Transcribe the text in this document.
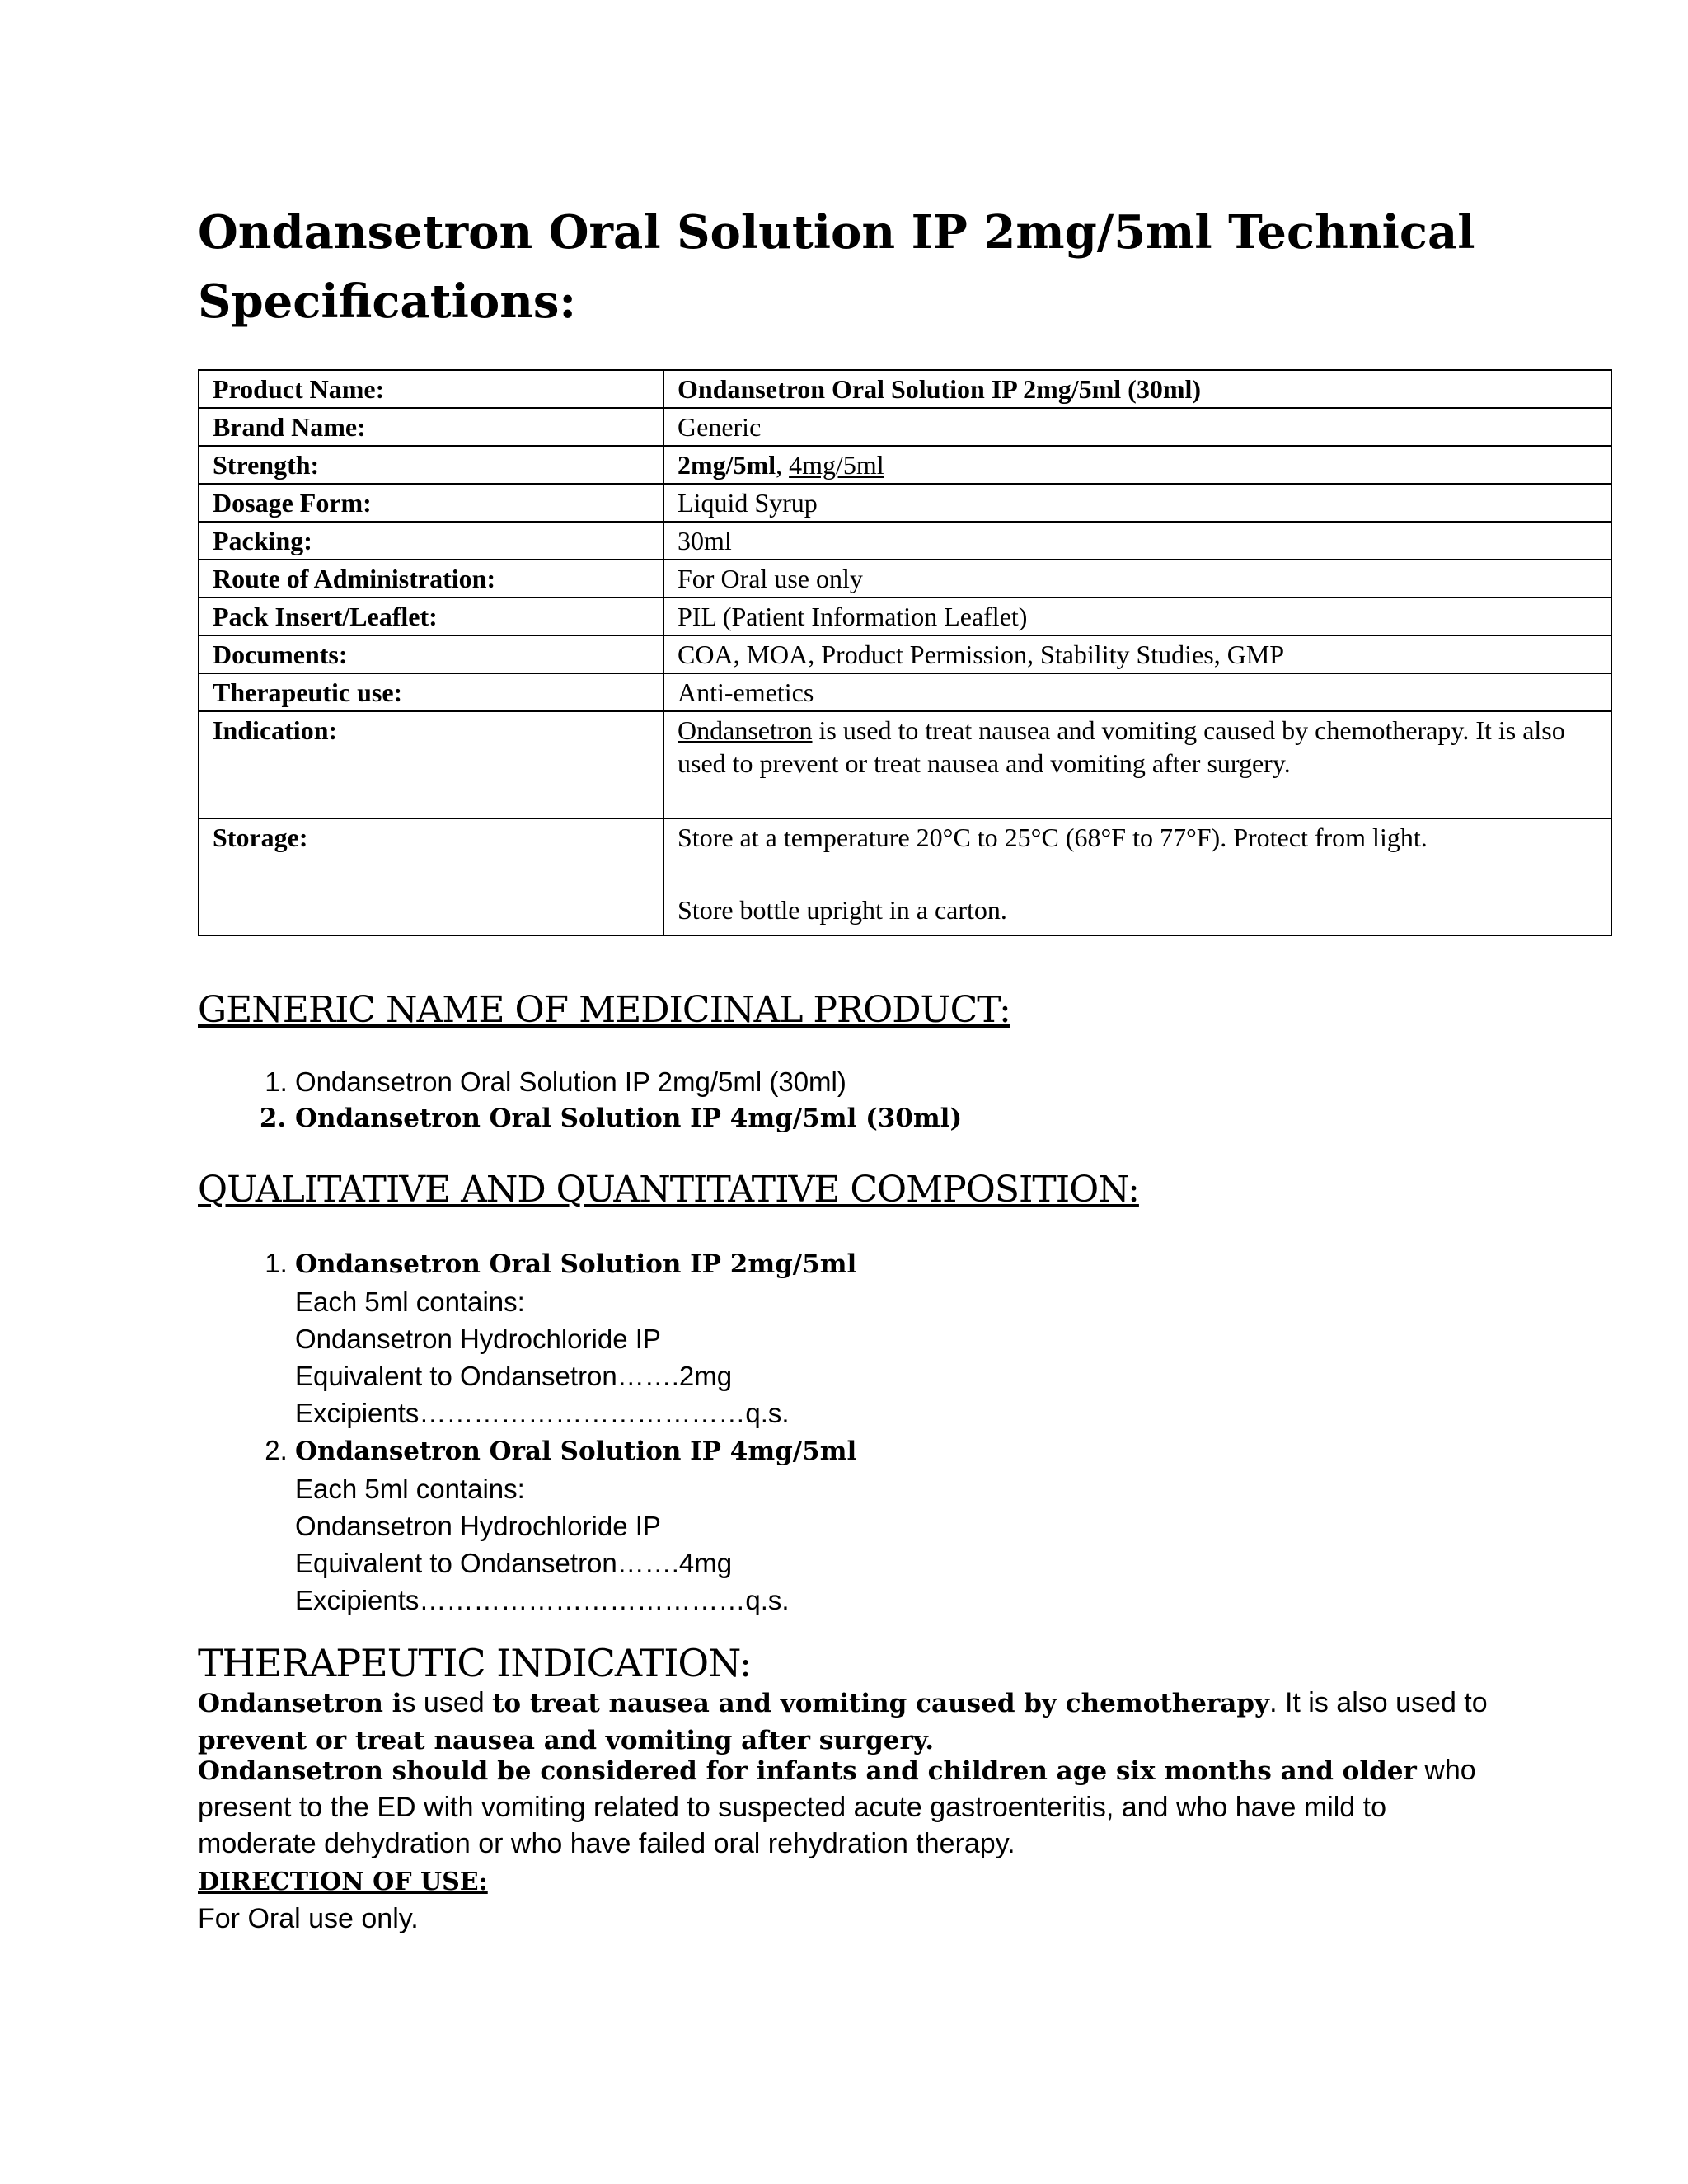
Ondansetron Oral Solution IP 2mg/5ml Technical Specifications:
Product Name:	Ondansetron Oral Solution IP 2mg/5ml (30ml)
Brand Name:	Generic
Strength:	2mg/5ml, 4mg/5ml
Dosage Form:	Liquid Syrup
Packing:	30ml
Route of Administration:	For Oral use only
Pack Insert/Leaflet:	PIL (Patient Information Leaflet)
Documents:	COA, MOA, Product Permission, Stability Studies, GMP
Therapeutic use:	Anti-emetics
Indication:	Ondansetron is used to treat nausea and vomiting caused by chemotherapy. It is also used to prevent or treat nausea and vomiting after surgery.
Storage:	Store at a temperature 20°C to 25°C (68°F to 77°F). Protect from light.
Store bottle upright in a carton.
GENERIC NAME OF MEDICINAL PRODUCT:
1. Ondansetron Oral Solution IP 2mg/5ml (30ml)
2. Ondansetron Oral Solution IP 4mg/5ml (30ml)
QUALITATIVE AND QUANTITATIVE COMPOSITION:
1. Ondansetron Oral Solution IP 2mg/5ml
Each 5ml contains:
Ondansetron Hydrochloride IP
Equivalent to Ondansetron…….2mg
Excipients………………………………q.s.
2. Ondansetron Oral Solution IP 4mg/5ml
Each 5ml contains:
Ondansetron Hydrochloride IP
Equivalent to Ondansetron…….4mg
Excipients………………………………q.s.
THERAPEUTIC INDICATION:

Ondansetron is used to treat nausea and vomiting caused by chemotherapy. It is also used to prevent or treat nausea and vomiting after surgery.

Ondansetron should be considered for infants and children age six months and older who present to the ED with vomiting related to suspected acute gastroenteritis, and who have mild to moderate dehydration or who have failed oral rehydration therapy.

DIRECTION OF USE:
For Oral use only.
